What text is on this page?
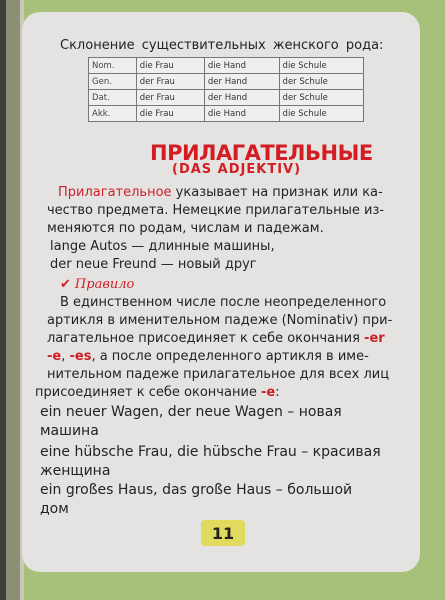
Склонение существительных женского рода:
Nom.	die Frau	die Hand	die Schule
Gen.	der Frau	der Hand	der Schule
Dat.	der Frau	der Hand	der Schule
Akk.	die Frau	die Hand	die Schule
ПРИЛАГАТЕЛЬНЫЕ
(DAS ADJEKTIV)
Прилагательное указывает на признак или ка-
чество предмета. Немецкие прилагательные из-
меняются по родам, числам и падежам.
lange Autos — длинные машины,
der neue Freund — новый друг
✔ Правило
В единственном числе после неопределенного
артикля в именительном падеже (Nominativ) при-
лагательное присоединяет к себе окончания -er
-e, -es, а после определенного артикля в име-
нительном падеже прилагательное для всех лиц
присоединяет к себе окончание -e:
ein neuer Wagen, der neue Wagen – новая
машина
eine hübsche Frau, die hübsche Frau – красивая
женщина
ein großes Haus, das große Haus – большой
дом
11
